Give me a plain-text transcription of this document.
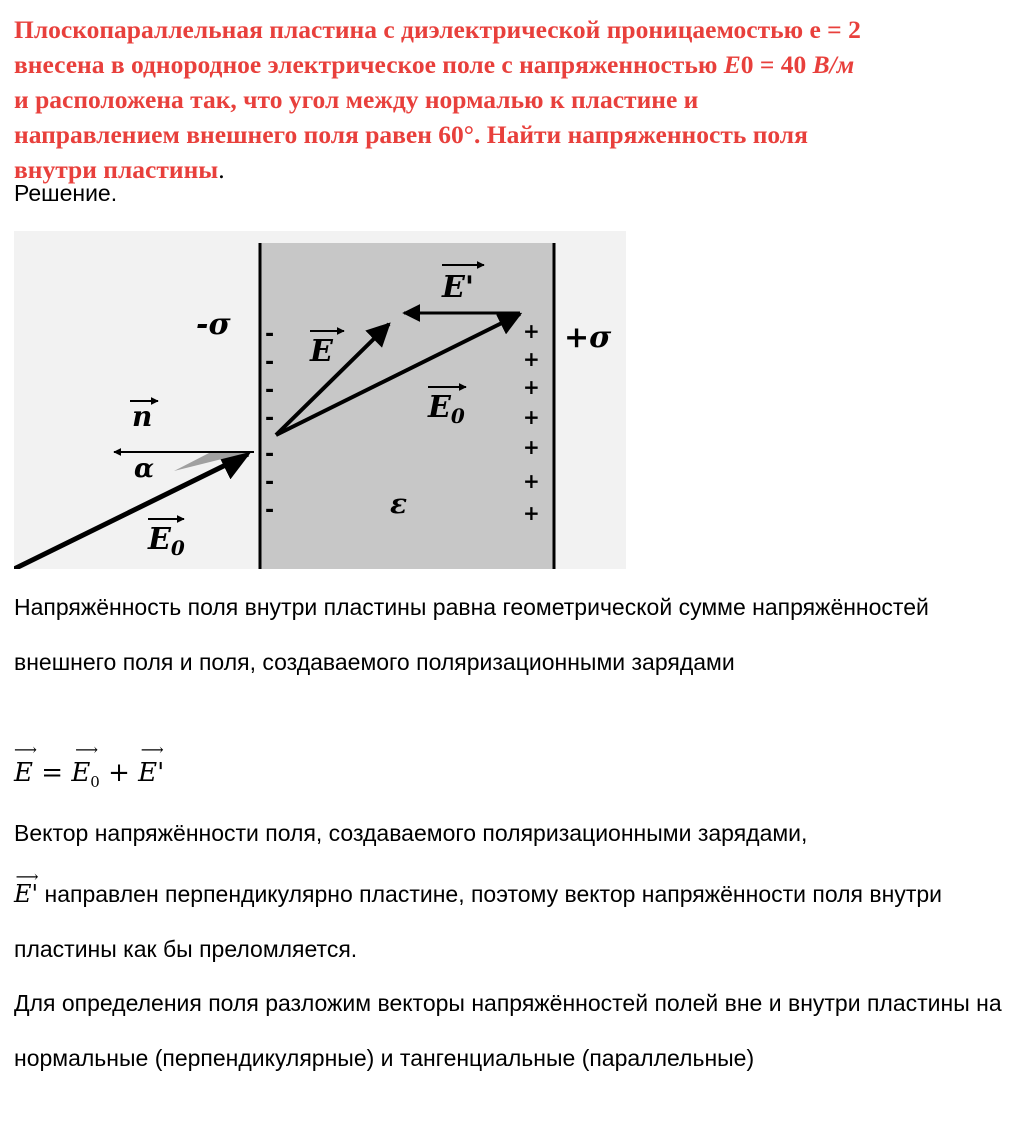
Плоскопараллельная пластина с диэлектрической проницаемостью е = 2
внесена в однородное электрическое поле с напряженностью E0 = 40 В/м
и расположена так, что угол между нормалью к пластине и
направлением внешнего поля равен 60°. Найти напряженность поля
внутри пластины.

Решение.
-
-
-
-
-
-
-
+
+
+
+
+
+
+
-σ	+σ
α
n
$E_0$
E
E'
$E_0$
ε

Напряжённость поля внутри пластины равна геометрической сумме напряжённостей внешнего поля и поля, создаваемого поляризационными зарядами

⟶ E = ⟶ $E_0$ + ⟶ E'

Вектор напряжённости поля, создаваемого поляризационными зарядами,
⟶ E' направлен перпендикулярно пластине, поэтому вектор напряжённости поля внутри пластины как бы преломляется.

Для определения поля разложим векторы напряжённостей полей вне и внутри пластины на нормальные (перпендикулярные) и тангенциальные (параллельные)
